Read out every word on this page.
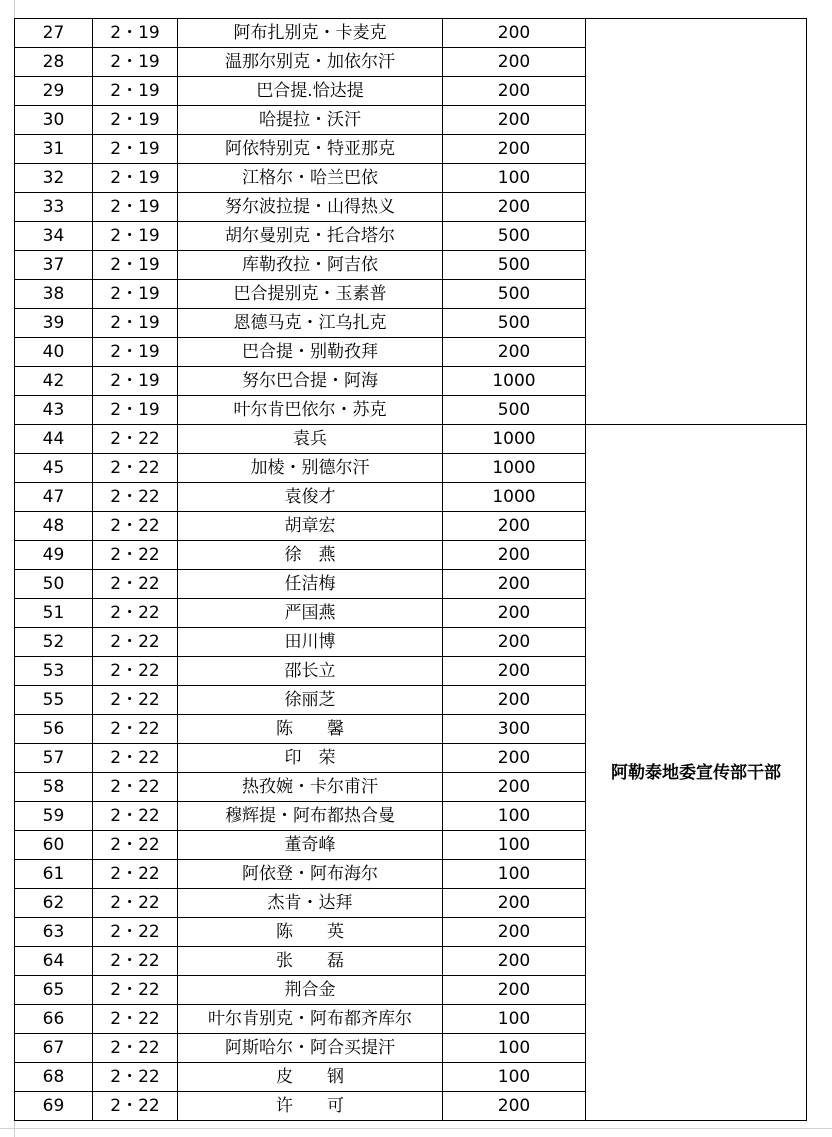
27	2・19	阿布扎别克・卡麦克	200	
28	2・19	温那尔别克・加依尔汗	200	
29	2・19	巴合提.恰达提	200	
30	2・19	哈提拉・沃汗	200	
31	2・19	阿依特别克・特亚那克	200	
32	2・19	江格尔・哈兰巴依	100	
33	2・19	努尔波拉提・山得热义	200	
34	2・19	胡尔曼别克・托合塔尔	500	
37	2・19	库勒孜拉・阿吉依	500	
38	2・19	巴合提别克・玉素普	500	
39	2・19	恩德马克・江乌扎克	500	
40	2・19	巴合提・别勒孜拜	200	
42	2・19	努尔巴合提・阿海	1000	
43	2・19	叶尔肯巴依尔・苏克	500	
44	2・22	袁兵	1000	阿勒泰地委宣传部干部
45	2・22	加棱・别德尔汗	1000	
47	2・22	袁俊才	1000	
48	2・22	胡章宏	200	
49	2・22	徐　燕	200	
50	2・22	任洁梅	200	
51	2・22	严国燕	200	
52	2・22	田川博	200	
53	2・22	邵长立	200	
55	2・22	徐丽芝	200	
56	2・22	陈　　馨	300	
57	2・22	印　荣	200	
58	2・22	热孜婉・卡尔甫汗	200	
59	2・22	穆辉提・阿布都热合曼	100	
60	2・22	董奇峰	100	
61	2・22	阿依登・阿布海尔	100	
62	2・22	杰肯・达拜	200	
63	2・22	陈　　英	200	
64	2・22	张　　磊	200	
65	2・22	荆合金	200	
66	2・22	叶尔肯别克・阿布都齐库尔	100	
67	2・22	阿斯哈尔・阿合买提汗	100	
68	2・22	皮　　钢	100	
69	2・22	许　　可	200	
